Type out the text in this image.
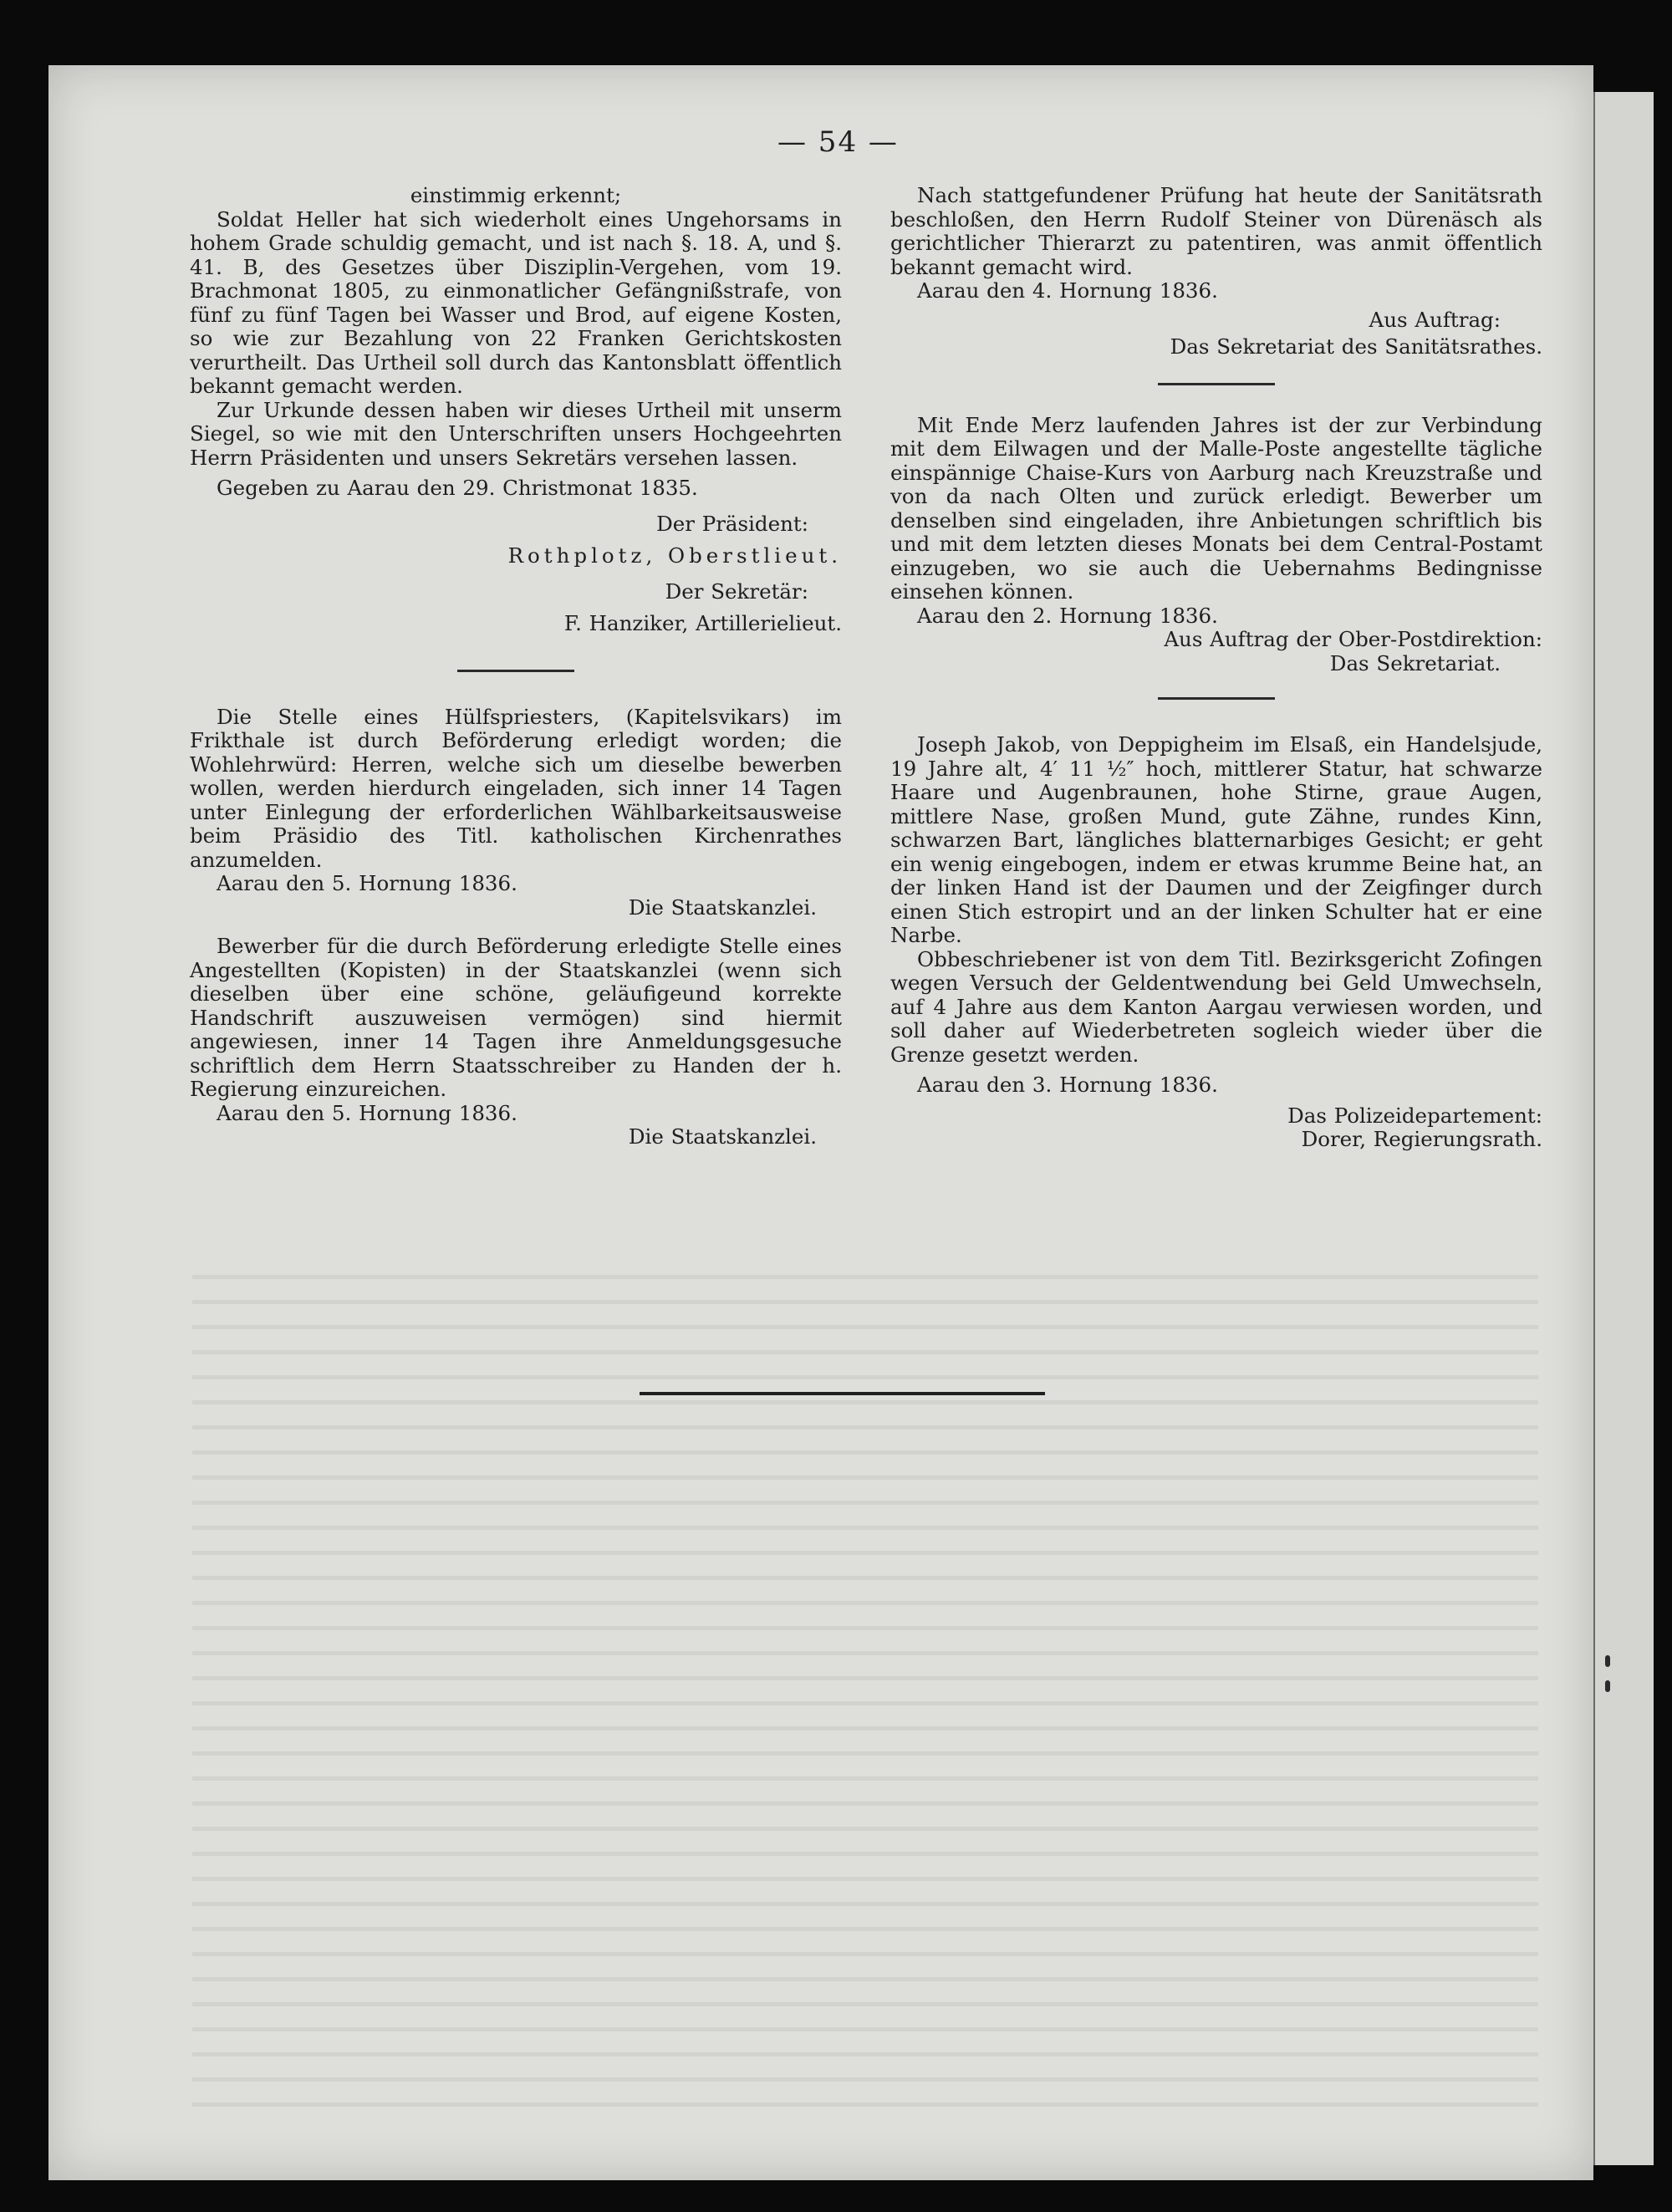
— 54 —

einstimmig erkennt;

Soldat Heller hat sich wiederholt eines Ungehorsams in hohem Grade schuldig gemacht, und ist nach §. 18. A, und §. 41. B, des Gesetzes über Disziplin-Vergehen, vom 19. Brachmonat 1805, zu einmonatlicher Gefängnißstrafe, von fünf zu fünf Tagen bei Wasser und Brod, auf eigene Kosten, so wie zur Bezahlung von 22 Franken Gerichtskosten verurtheilt. Das Urtheil soll durch das Kantonsblatt öffentlich bekannt gemacht werden.

Zur Urkunde dessen haben wir dieses Urtheil mit unserm Siegel, so wie mit den Unterschriften unsers Hochgeehrten Herrn Präsidenten und unsers Sekretärs versehen lassen.

Gegeben zu Aarau den 29. Christmonat 1835.

Der Präsident:

Rothplotz, Oberstlieut.

Der Sekretär:

F. Hanziker, Artillerielieut.

Die Stelle eines Hülfspriesters, (Kapitelsvikars) im Frikthale ist durch Beförderung erledigt worden; die Wohlehrwürd: Herren, welche sich um dieselbe bewerben wollen, werden hierdurch eingeladen, sich inner 14 Tagen unter Einlegung der erforderlichen Wählbarkeitsausweise beim Präsidio des Titl. katholischen Kirchenrathes anzumelden.

Aarau den 5. Hornung 1836.

Die Staatskanzlei.

Bewerber für die durch Beförderung erledigte Stelle eines Angestellten (Kopisten) in der Staatskanzlei (wenn sich dieselben über eine schöne, geläufigeund korrekte Handschrift auszuweisen vermögen) sind hiermit angewiesen, inner 14 Tagen ihre Anmeldungsgesuche schriftlich dem Herrn Staatsschreiber zu Handen der h. Regierung einzureichen.

Aarau den 5. Hornung 1836.

Die Staatskanzlei.

Nach stattgefundener Prüfung hat heute der Sanitätsrath beschloßen, den Herrn Rudolf Steiner von Dürenäsch als gerichtlicher Thierarzt zu patentiren, was anmit öffentlich bekannt gemacht wird.

Aarau den 4. Hornung 1836.

Aus Auftrag:

Das Sekretariat des Sanitätsrathes.

Mit Ende Merz laufenden Jahres ist der zur Verbindung mit dem Eilwagen und der Malle-Poste angestellte tägliche einspännige Chaise-Kurs von Aarburg nach Kreuzstraße und von da nach Olten und zurück erledigt. Bewerber um denselben sind eingeladen, ihre Anbietungen schriftlich bis und mit dem letzten dieses Monats bei dem Central-Postamt einzugeben, wo sie auch die Uebernahms Bedingnisse einsehen können.

Aarau den 2. Hornung 1836.

Aus Auftrag der Ober-Postdirektion:

Das Sekretariat.

Joseph Jakob, von Deppigheim im Elsaß, ein Handelsjude, 19 Jahre alt, 4′ 11 ½″ hoch, mittlerer Statur, hat schwarze Haare und Augenbraunen, hohe Stirne, graue Augen, mittlere Nase, großen Mund, gute Zähne, rundes Kinn, schwarzen Bart, längliches blatternarbiges Gesicht; er geht ein wenig eingebogen, indem er etwas krumme Beine hat, an der linken Hand ist der Daumen und der Zeigfinger durch einen Stich estropirt und an der linken Schulter hat er eine Narbe.

Obbeschriebener ist von dem Titl. Bezirksgericht Zofingen wegen Versuch der Geldentwendung bei Geld Umwechseln, auf 4 Jahre aus dem Kanton Aargau verwiesen worden, und soll daher auf Wiederbetreten sogleich wieder über die Grenze gesetzt werden.

Aarau den 3. Hornung 1836.

Das Polizeidepartement:

Dorer, Regierungsrath.
